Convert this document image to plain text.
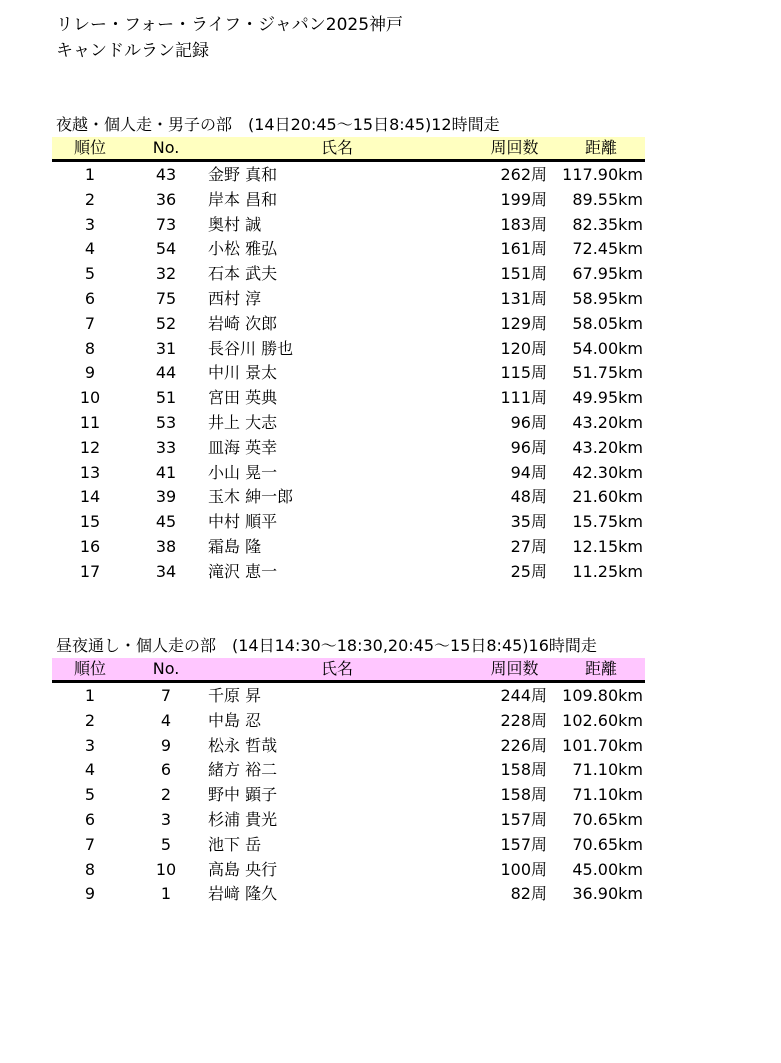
リレー・フォー・ライフ・ジャパン2025神戸
キャンドルラン記録
夜越・個人走・男子の部　(14日20:45〜15日8:45)12時間走
順位	No.	氏名	周回数	距離
1	43	金野 真和	262周 117.90km
2	36	岸本 昌和	199周	89.55km
3	73	奥村 誠	183周	82.35km
4	54	小松 雅弘	161周	72.45km
5	32	石本 武夫	151周	67.95km
6	75	西村 淳	131周	58.95km
7	52	岩崎 次郎	129周	58.05km
8	31	長谷川 勝也	120周	54.00km
9	44	中川 景太	115周	51.75km
10	51	宮田 英典	111周	49.95km
11	53	井上 大志	96周	43.20km
12	33	皿海 英幸	96周	43.20km
13	41	小山 晃一	94周	42.30km
14	39	玉木 紳一郎	48周	21.60km
15	45	中村 順平	35周	15.75km
16	38	霜島 隆	27周	12.15km
17	34	滝沢 恵一	25周	11.25km
昼夜通し・個人走の部　(14日14:30〜18:30,20:45〜15日8:45)16時間走
順位	No.	氏名	周回数	距離
1	7	千原 昇	244周 109.80km
2	4	中島 忍	228周 102.60km
3	9	松永 哲哉	226周 101.70km
4	6	緒方 裕二	158周	71.10km
5	2	野中 顕子	158周	71.10km
6	3	杉浦 貴光	157周	70.65km
7	5	池下 岳	157周	70.65km
8	10	高島 央行	100周	45.00km
9	1	岩﨑 隆久	82周	36.90km
